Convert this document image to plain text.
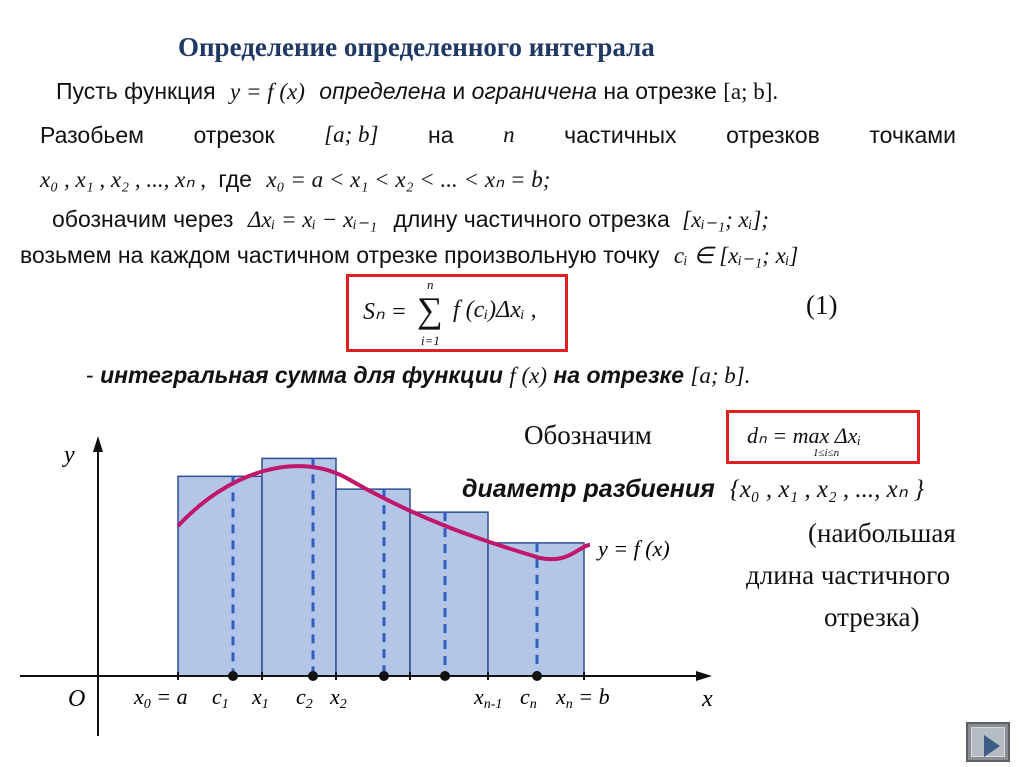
Определение определенного интеграла
Пусть функция y = f (x) определена и ограничена на отрезке [a; b].
Разобьем отрезок [a; b] на n частичных отрезков точками
x₀ , x₁ , x₂ , ..., xₙ , где x₀ = a < x₁ < x₂ < ... < xₙ = b;
обозначим через Δxᵢ = xᵢ − xᵢ₋₁ длину частичного отрезка [xᵢ₋₁; xᵢ];
возьмем на каждом частичном отрезке произвольную точку cᵢ ∈ [xᵢ₋₁; xᵢ]
Sₙ = ∑
n
i=1
f (cᵢ)Δxᵢ ,	(1)
- интегральная сумма для функции f (x) на отрезке [a; b].
Обозначим	dₙ = max Δxᵢ
1≤i≤n
диаметр разбиения {x₀ , x₁ , x₂ , ..., xₙ }
(наибольшая
длина частичного
отрезка)
y
x
O
y = f (x)
x0 = a c1 x1 c2 x2	xn-1 cn xn = b
